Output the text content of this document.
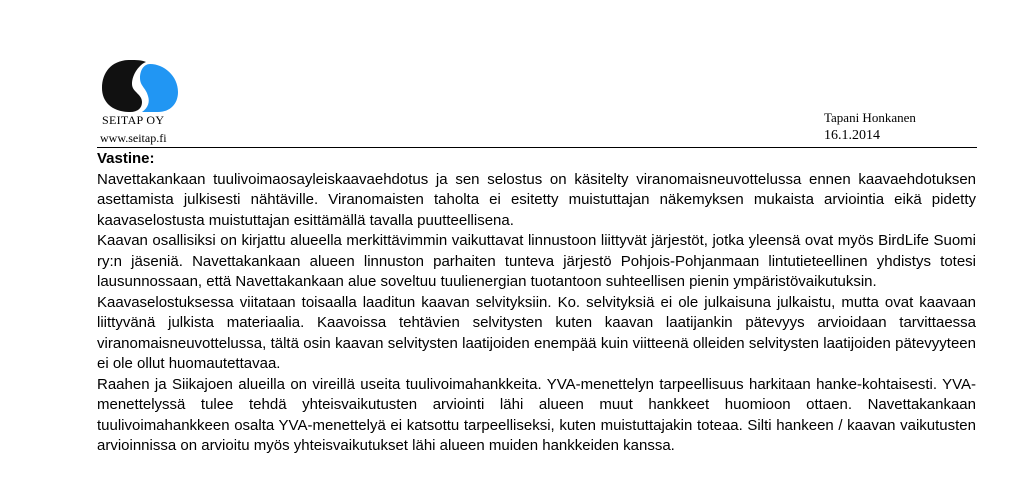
SEITAP OY
www.seitap.fi
Tapani Honkanen
16.1.2014
Vastine:

Navettakankaan tuulivoimaosayleiskaavaehdotus ja sen selostus on käsitelty viranomaisneuvottelussa ennen kaavaehdotuksen asettamista julkisesti nähtäville. Viranomaisten taholta ei esitetty muistuttajan näkemyksen mukaista arviointia eikä pidetty kaavaselostusta muistuttajan esittämällä tavalla puutteellisena.

Kaavan osallisiksi on kirjattu alueella merkittävimmin vaikuttavat linnustoon liittyvät järjestöt, jotka yleensä ovat myös BirdLife Suomi ry:n jäseniä. Navettakankaan alueen linnuston parhaiten tunteva järjestö Pohjois-Pohjanmaan lintutieteellinen yhdistys totesi lausunnossaan, että Navettakankaan alue soveltuu tuulienergian tuotantoon suhteellisen pienin ympäristövaikutuksin.

Kaavaselostuksessa viitataan toisaalla laaditun kaavan selvityksiin. Ko. selvityksiä ei ole julkaisuna julkaistu, mutta ovat kaavaan liittyvänä julkista materiaalia. Kaavoissa tehtävien selvitysten kuten kaavan laatijankin pätevyys arvioidaan tarvittaessa viranomaisneuvottelussa, tältä osin kaavan selvitysten laatijoiden enempää kuin viitteenä olleiden selvitysten laatijoiden pätevyyteen ei ole ollut huomautettavaa.

Raahen ja Siikajoen alueilla on vireillä useita tuulivoimahankkeita. YVA-menettelyn tarpeellisuus harkitaan hanke-kohtaisesti. YVA-menettelyssä tulee tehdä yhteisvaikutusten arviointi lähi alueen muut hankkeet huomioon ottaen. Navettakankaan tuulivoimahankkeen osalta YVA-menettelyä ei katsottu tarpeelliseksi, kuten muistuttajakin toteaa. Silti hankeen / kaavan vaikutusten arvioinnissa on arvioitu myös yhteisvaikutukset lähi alueen muiden hankkeiden kanssa.
